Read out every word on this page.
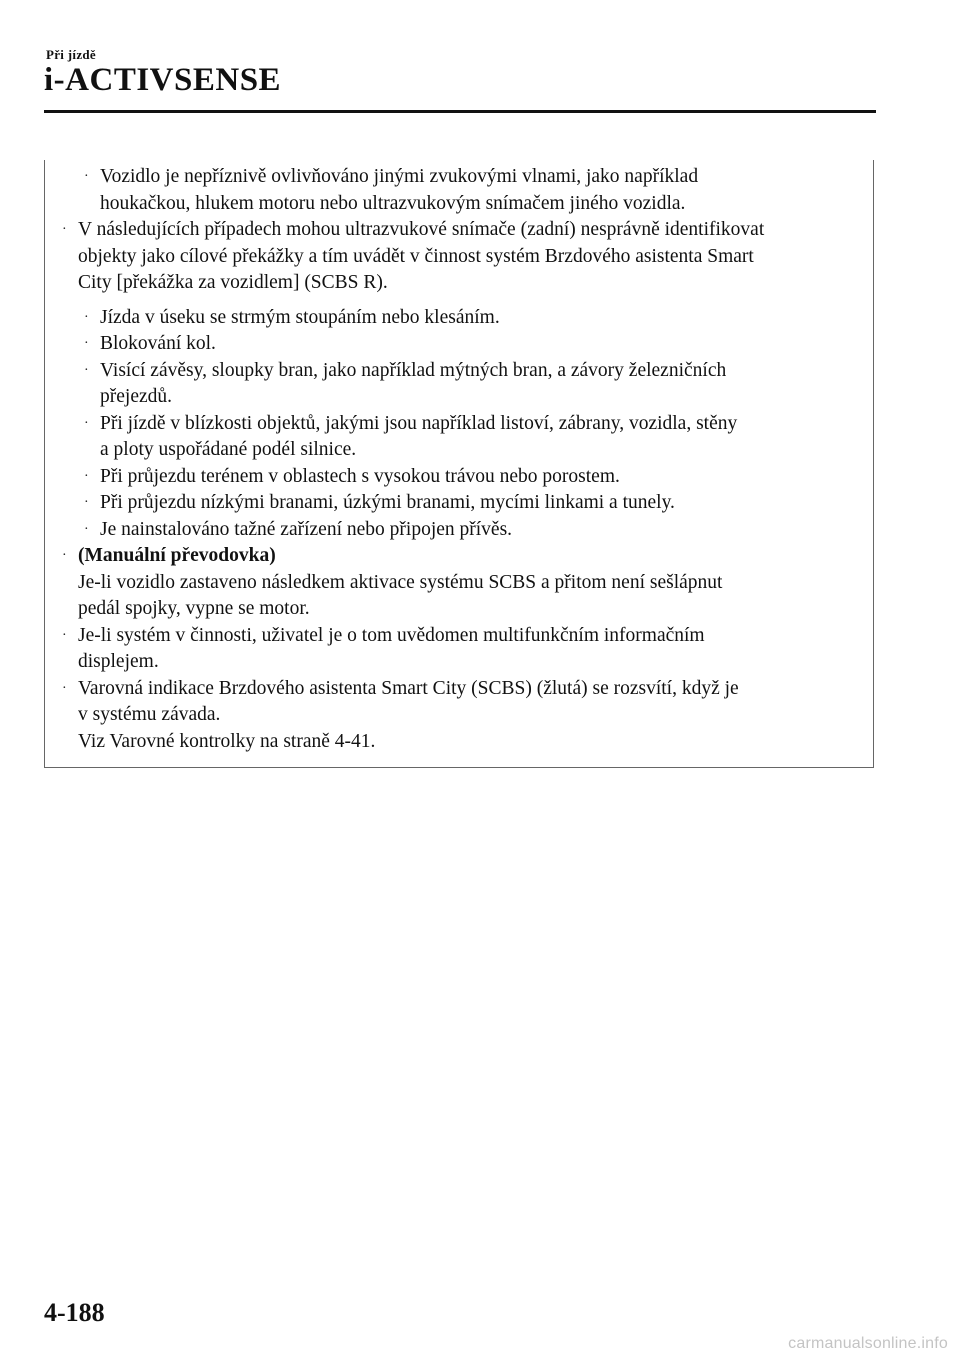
Při jízdě
i-ACTIVSENSE
· Vozidlo je nepříznivě ovlivňováno jinými zvukovými vlnami, jako například
houkačkou, hlukem motoru nebo ultrazvukovým snímačem jiného vozidla.
· V následujících případech mohou ultrazvukové snímače (zadní) nesprávně identifikovat
objekty jako cílové překážky a tím uvádět v činnost systém Brzdového asistenta Smart
City [překážka za vozidlem] (SCBS R).
· Jízda v úseku se strmým stoupáním nebo klesáním.
· Blokování kol.
· Visící závěsy, sloupky bran, jako například mýtných bran, a závory železničních
přejezdů.
· Při jízdě v blízkosti objektů, jakými jsou například listoví, zábrany, vozidla, stěny
a ploty uspořádané podél silnice.
· Při průjezdu terénem v oblastech s vysokou trávou nebo porostem.
· Při průjezdu nízkými branami, úzkými branami, mycími linkami a tunely.
· Je nainstalováno tažné zařízení nebo připojen přívěs.
· (Manuální převodovka)
Je-li vozidlo zastaveno následkem aktivace systému SCBS a přitom není sešlápnut
pedál spojky, vypne se motor.
· Je-li systém v činnosti, uživatel je o tom uvědomen multifunkčním informačním
displejem.
· Varovná indikace Brzdového asistenta Smart City (SCBS) (žlutá) se rozsvítí, když je
v systému závada.
Viz Varovné kontrolky na straně 4-41.
4-188
carmanualsonline.info
